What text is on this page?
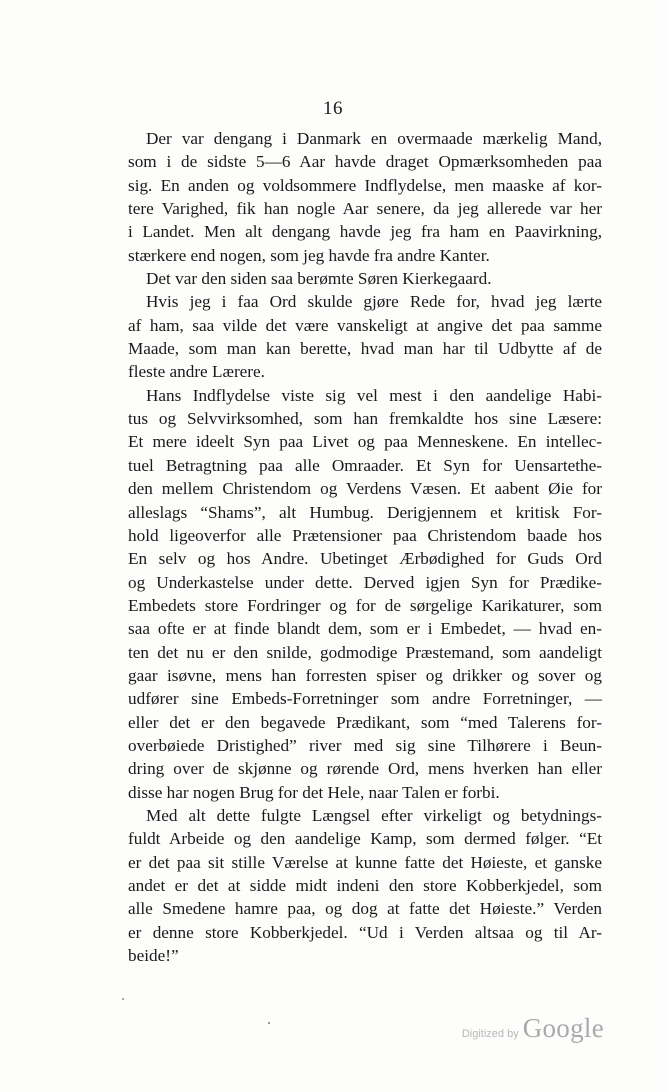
16
Der var dengang i Danmark en overmaade mærkelig Mand,
som i de sidste 5—6 Aar havde draget Opmærksomheden paa
sig. En anden og voldsommere Indflydelse, men maaske af kor-
tere Varighed, fik han nogle Aar senere, da jeg allerede var her
i Landet. Men alt dengang havde jeg fra ham en Paavirkning,
stærkere end nogen, som jeg havde fra andre Kanter.
Det var den siden saa berømte Søren Kierkegaard.
Hvis jeg i faa Ord skulde gjøre Rede for, hvad jeg lærte
af ham, saa vilde det være vanskeligt at angive det paa samme
Maade, som man kan berette, hvad man har til Udbytte af de
fleste andre Lærere.
Hans Indflydelse viste sig vel mest i den aandelige Habi-
tus og Selvvirksomhed, som han fremkaldte hos sine Læsere:
Et mere ideelt Syn paa Livet og paa Menneskene. En intellec-
tuel Betragtning paa alle Omraader. Et Syn for Uensartethe-
den mellem Christendom og Verdens Væsen. Et aabent Øie for
alleslags “Shams”, alt Humbug. Derigjennem et kritisk For-
hold ligeoverfor alle Prætensioner paa Christendom baade hos
En selv og hos Andre. Ubetinget Ærbødighed for Guds Ord
og Underkastelse under dette. Derved igjen Syn for Prædike-
Embedets store Fordringer og for de sørgelige Karikaturer, som
saa ofte er at finde blandt dem, som er i Embedet, — hvad en-
ten det nu er den snilde, godmodige Præstemand, som aandeligt
gaar isøvne, mens han forresten spiser og drikker og sover og
udfører sine Embeds-Forretninger som andre Forretninger, —
eller det er den begavede Prædikant, som “med Talerens for-
overbøiede Dristighed” river med sig sine Tilhørere i Beun-
dring over de skjønne og rørende Ord, mens hverken han eller
disse har nogen Brug for det Hele, naar Talen er forbi.
Med alt dette fulgte Længsel efter virkeligt og betydnings-
fuldt Arbeide og den aandelige Kamp, som dermed følger. “Et
er det paa sit stille Værelse at kunne fatte det Høieste, et ganske
andet er det at sidde midt indeni den store Kobberkjedel, som
alle Smedene hamre paa, og dog at fatte det Høieste.” Verden
er denne store Kobberkjedel. “Ud i Verden altsaa og til Ar-
beide!”
Digitized by Google
